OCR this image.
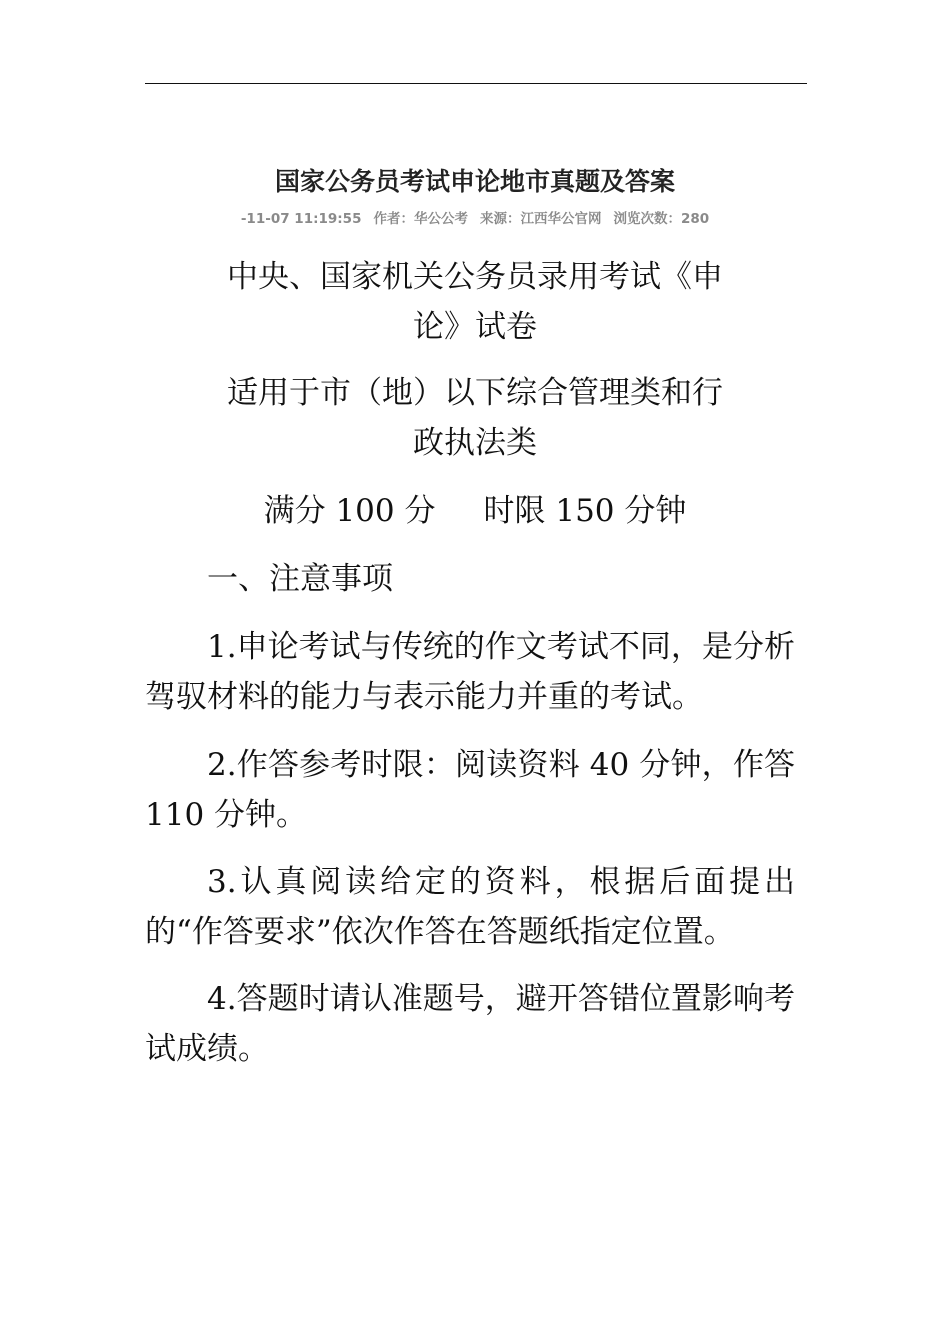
国家公务员考试申论地市真题及答案
-11-07 11:19:55 作者：华公公考 来源：江西华公官网 浏览次数：280
中央、国家机关公务员录用考试《申论》试卷
适用于市（地）以下综合管理类和行政执法类
满分 100 分 时限 150 分钟
一、注意事项
1.申论考试与传统的作文考试不同，是分析驾驭材料的能力与表示能力并重的考试。
2.作答参考时限：阅读资料 40 分钟，作答 110 分钟。
3.认真阅读给定的资料，根据后面提出的“作答要求”依次作答在答题纸指定位置。
4.答题时请认准题号，避开答错位置影响考试成绩。
